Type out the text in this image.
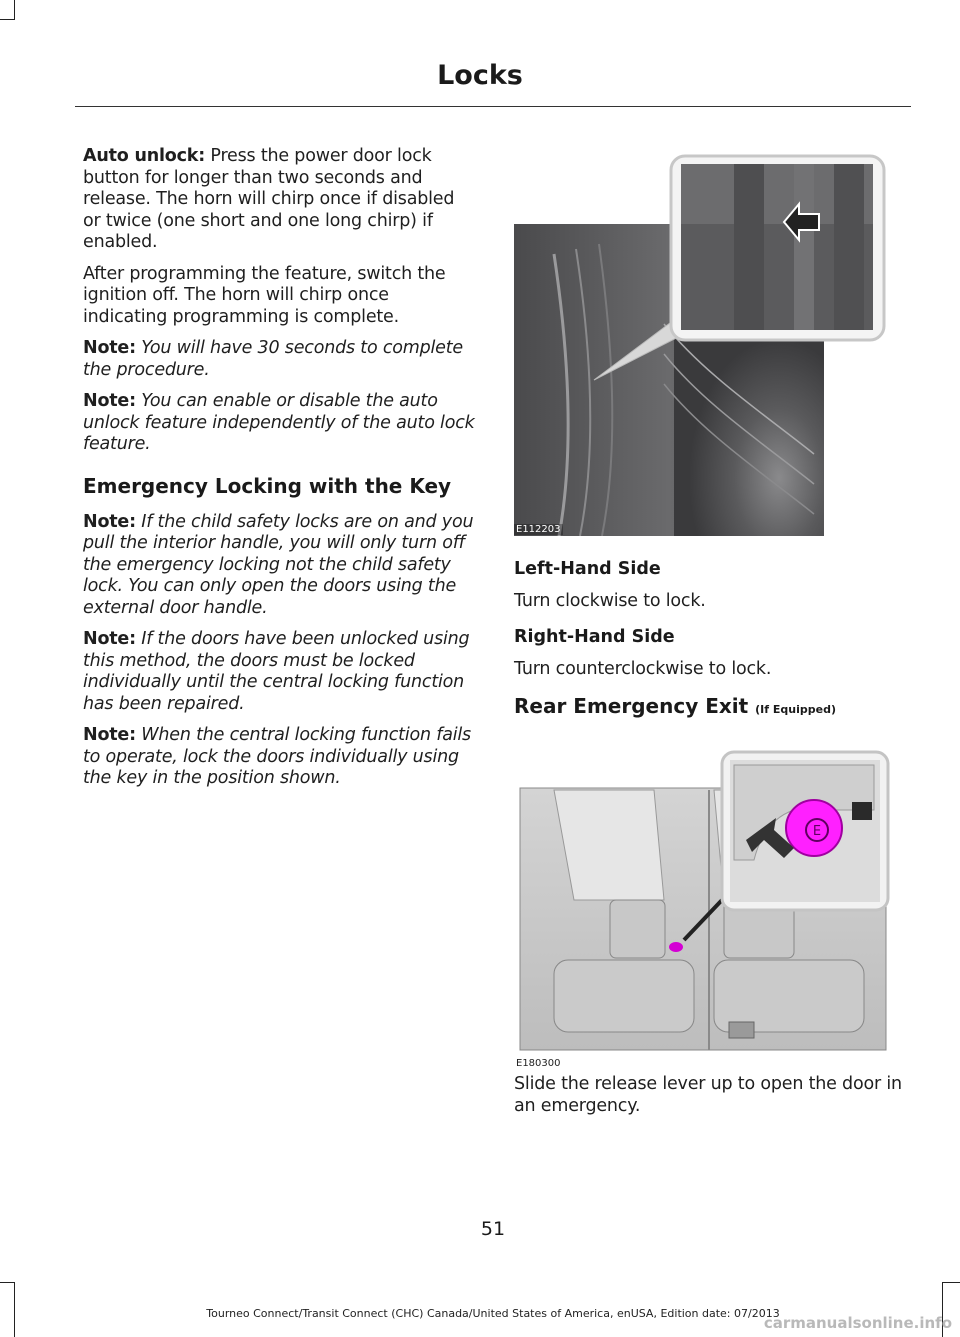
Locks

Auto unlock: Press the power door lock button for longer than two seconds and release. The horn will chirp once if disabled or twice (one short and one long chirp) if enabled.

After programming the feature, switch the ignition off. The horn will chirp once indicating programming is complete.

Note: You will have 30 seconds to complete the procedure.

Note: You can enable or disable the auto unlock feature independently of the auto lock feature.

Emergency Locking with the Key

Note: If the child safety locks are on and you pull the interior handle, you will only turn off the emergency locking not the child safety lock. You can only open the doors using the external door handle.

Note: If the doors have been unlocked using this method, the doors must be locked individually until the central locking function has been repaired.

Note: When the central locking function fails to operate, lock the doors individually using the key in the position shown.

E112203
Left-Hand Side

Turn clockwise to lock.

Right-Hand Side

Turn counterclockwise to lock.

Rear Emergency Exit (If Equipped)
E
E180300

Slide the release lever up to open the door in an emergency.

51
Tourneo Connect/Transit Connect (CHC) Canada/United States of America, enUSA, Edition date: 07/2013
carmanualsonline.info
